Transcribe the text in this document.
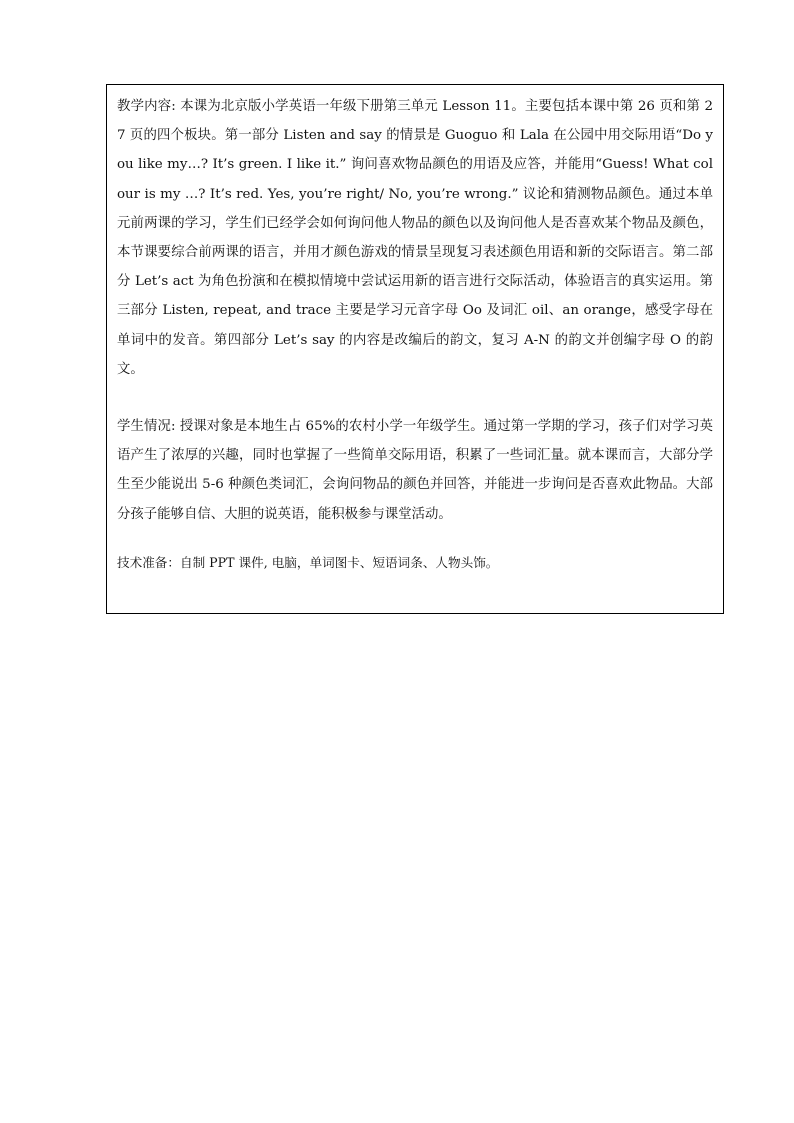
教学内容: 本课为北京版小学英语一年级下册第三单元 Lesson 11。主要包括本课中第 26 页和第 27 页的四个板块。第一部分 Listen and say 的情景是 Guoguo 和 Lala 在公园中用交际用语“Do you like my…? It’s green. I like it.” 询问喜欢物品颜色的用语及应答，并能用“Guess! What colour is my …? It’s red. Yes, you’re right/ No, you’re wrong.” 议论和猜测物品颜色。通过本单元前两课的学习，学生们已经学会如何询问他人物品的颜色以及询问他人是否喜欢某个物品及颜色，本节课要综合前两课的语言，并用才颜色游戏的情景呈现复习表述颜色用语和新的交际语言。第二部分 Let’s act 为角色扮演和在模拟情境中尝试运用新的语言进行交际活动，体验语言的真实运用。第三部分 Listen, repeat, and trace 主要是学习元音字母 Oo 及词汇 oil、an orange，感受字母在单词中的发音。第四部分 Let’s say 的内容是改编后的韵文，复习 A-N 的韵文并创编字母 O 的韵文。

学生情况: 授课对象是本地生占 65%的农村小学一年级学生。通过第一学期的学习，孩子们对学习英语产生了浓厚的兴趣，同时也掌握了一些简单交际用语，积累了一些词汇量。就本课而言，大部分学生至少能说出 5-6 种颜色类词汇，会询问物品的颜色并回答，并能进一步询问是否喜欢此物品。大部分孩子能够自信、大胆的说英语，能积极参与课堂活动。

技术准备：自制 PPT 课件, 电脑，单词图卡、短语词条、人物头饰。
